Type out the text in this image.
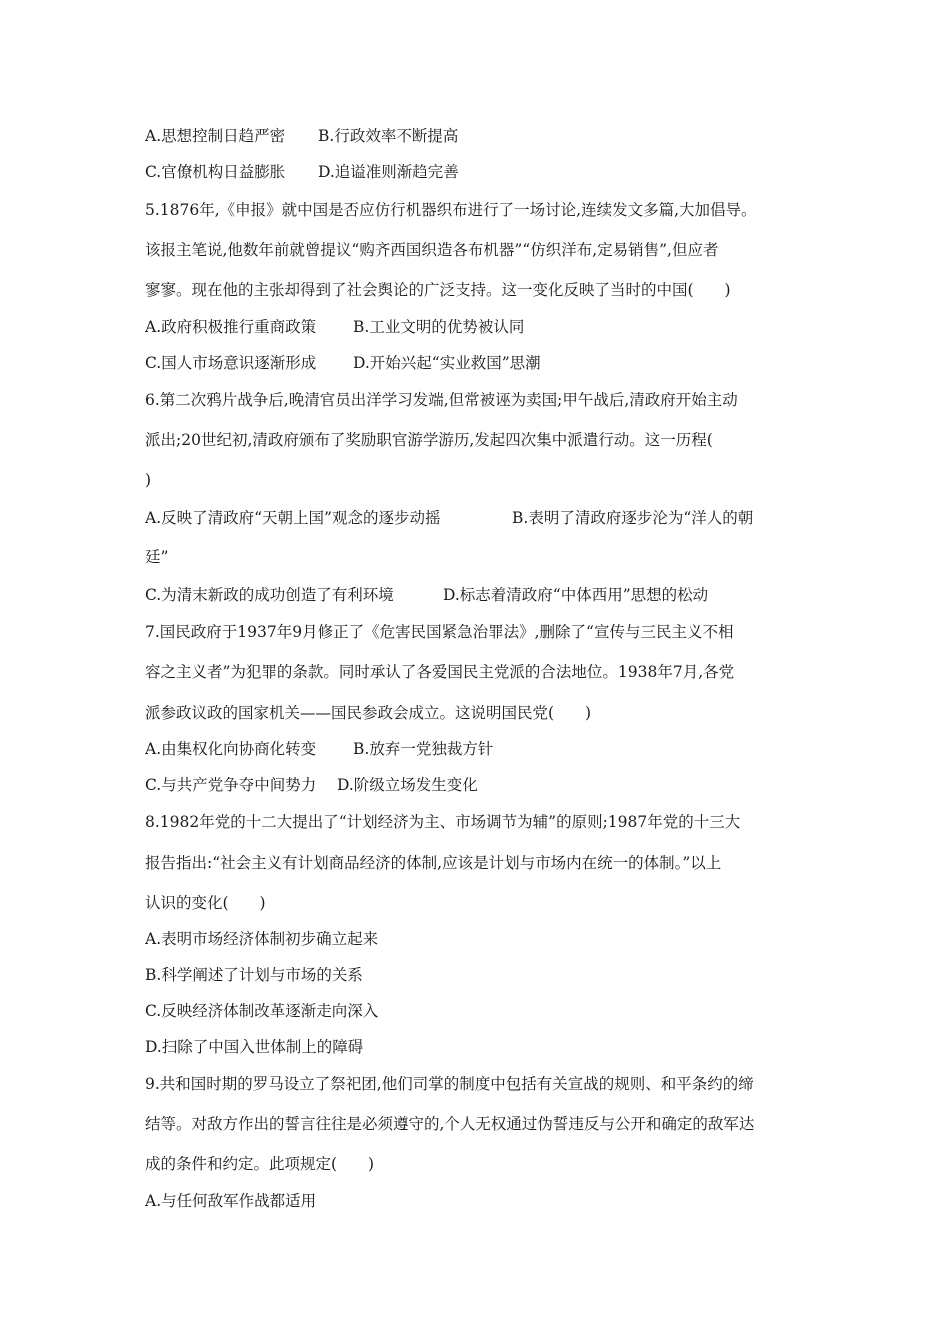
A.思想控制日趋严密 B.行政效率不断提高
C.官僚机构日益膨胀 D.追谥准则渐趋完善
5.1876年,《申报》就中国是否应仿行机器织布进行了一场讨论,连续发文多篇,大加倡导。
该报主笔说,他数年前就曾提议“购齐西国织造各布机器”“仿织洋布,定易销售”,但应者
寥寥。现在他的主张却得到了社会舆论的广泛支持。这一变化反映了当时的中国(　　)
A.政府积极推行重商政策 B.工业文明的优势被认同
C.国人市场意识逐渐形成 D.开始兴起“实业救国”思潮
6.第二次鸦片战争后,晚清官员出洋学习发端,但常被诬为卖国;甲午战后,清政府开始主动
派出;20世纪初,清政府颁布了奖励职官游学游历,发起四次集中派遣行动。这一历程(
)
A.反映了清政府“天朝上国”观念的逐步动摇	B.表明了清政府逐步沦为“洋人的朝
廷”
C.为清末新政的成功创造了有利环境	D.标志着清政府“中体西用”思想的松动
7.国民政府于1937年9月修正了《危害民国紧急治罪法》,删除了“宣传与三民主义不相
容之主义者”为犯罪的条款。同时承认了各爱国民主党派的合法地位。1938年7月,各党
派参政议政的国家机关——国民参政会成立。这说明国民党(　　)
A.由集权化向协商化转变 B.放弃一党独裁方针
C.与共产党争夺中间势力 D.阶级立场发生变化
8.1982年党的十二大提出了“计划经济为主、市场调节为辅”的原则;1987年党的十三大
报告指出:“社会主义有计划商品经济的体制,应该是计划与市场内在统一的体制。”以上
认识的变化(　　)
A.表明市场经济体制初步确立起来
B.科学阐述了计划与市场的关系
C.反映经济体制改革逐渐走向深入
D.扫除了中国入世体制上的障碍
9.共和国时期的罗马设立了祭祀团,他们司掌的制度中包括有关宣战的规则、和平条约的缔
结等。对敌方作出的誓言往往是必须遵守的,个人无权通过伪誓违反与公开和确定的敌军达
成的条件和约定。此项规定(　　)
A.与任何敌军作战都适用
